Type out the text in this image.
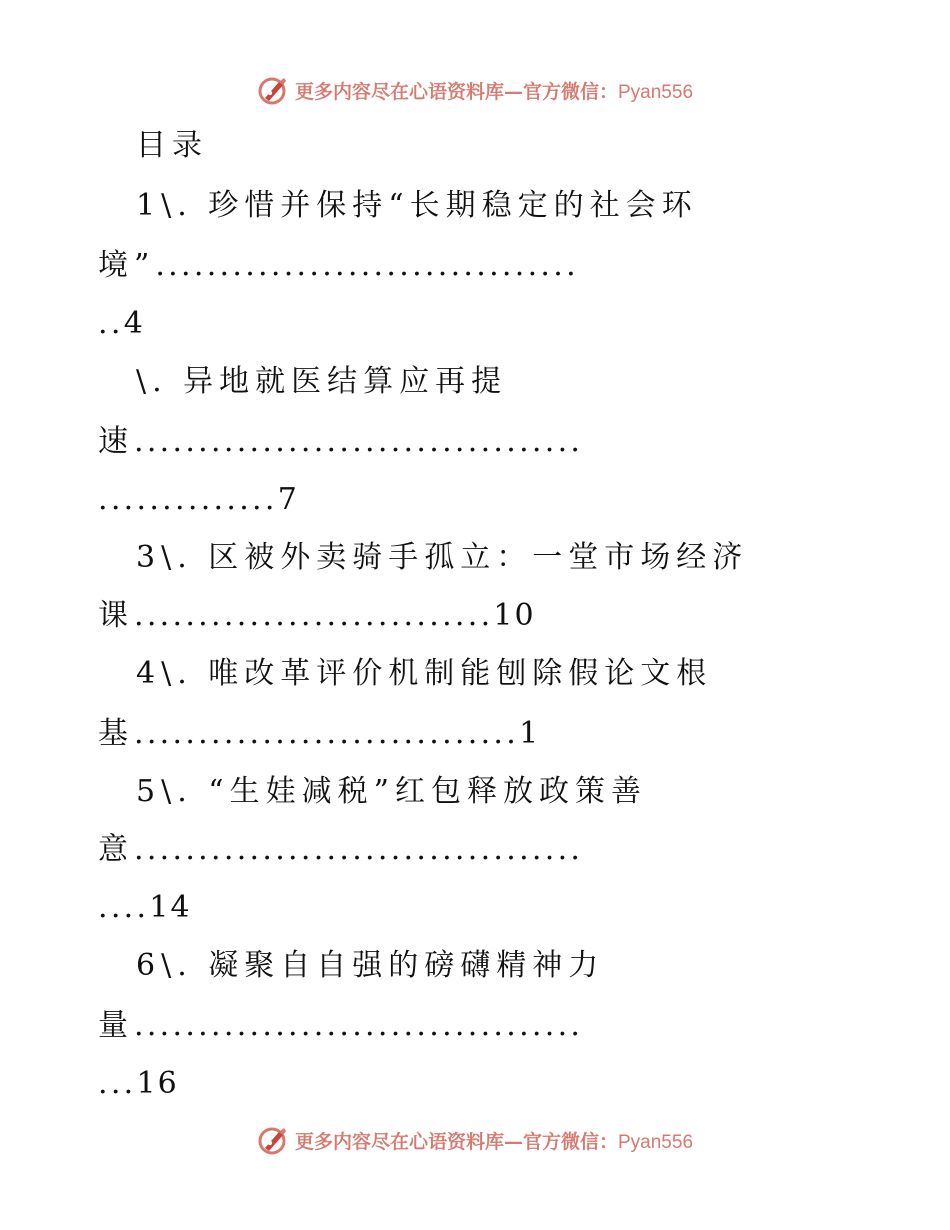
更多内容尽在心语资料库—官方微信：Pyan556
目录
1\. 珍惜并保持“长期稳定的社会环
境”.................................
..4
\. 异地就医结算应再提
速...................................
..............7
3\. 区被外卖骑手孤立：一堂市场经济
课............................10
4\. 唯改革评价机制能刨除假论文根
基..............................1
5\. “生娃减税”红包释放政策善
意...................................
....14
6\. 凝聚自自强的磅礴精神力
量...................................
...16
更多内容尽在心语资料库—官方微信：Pyan556
